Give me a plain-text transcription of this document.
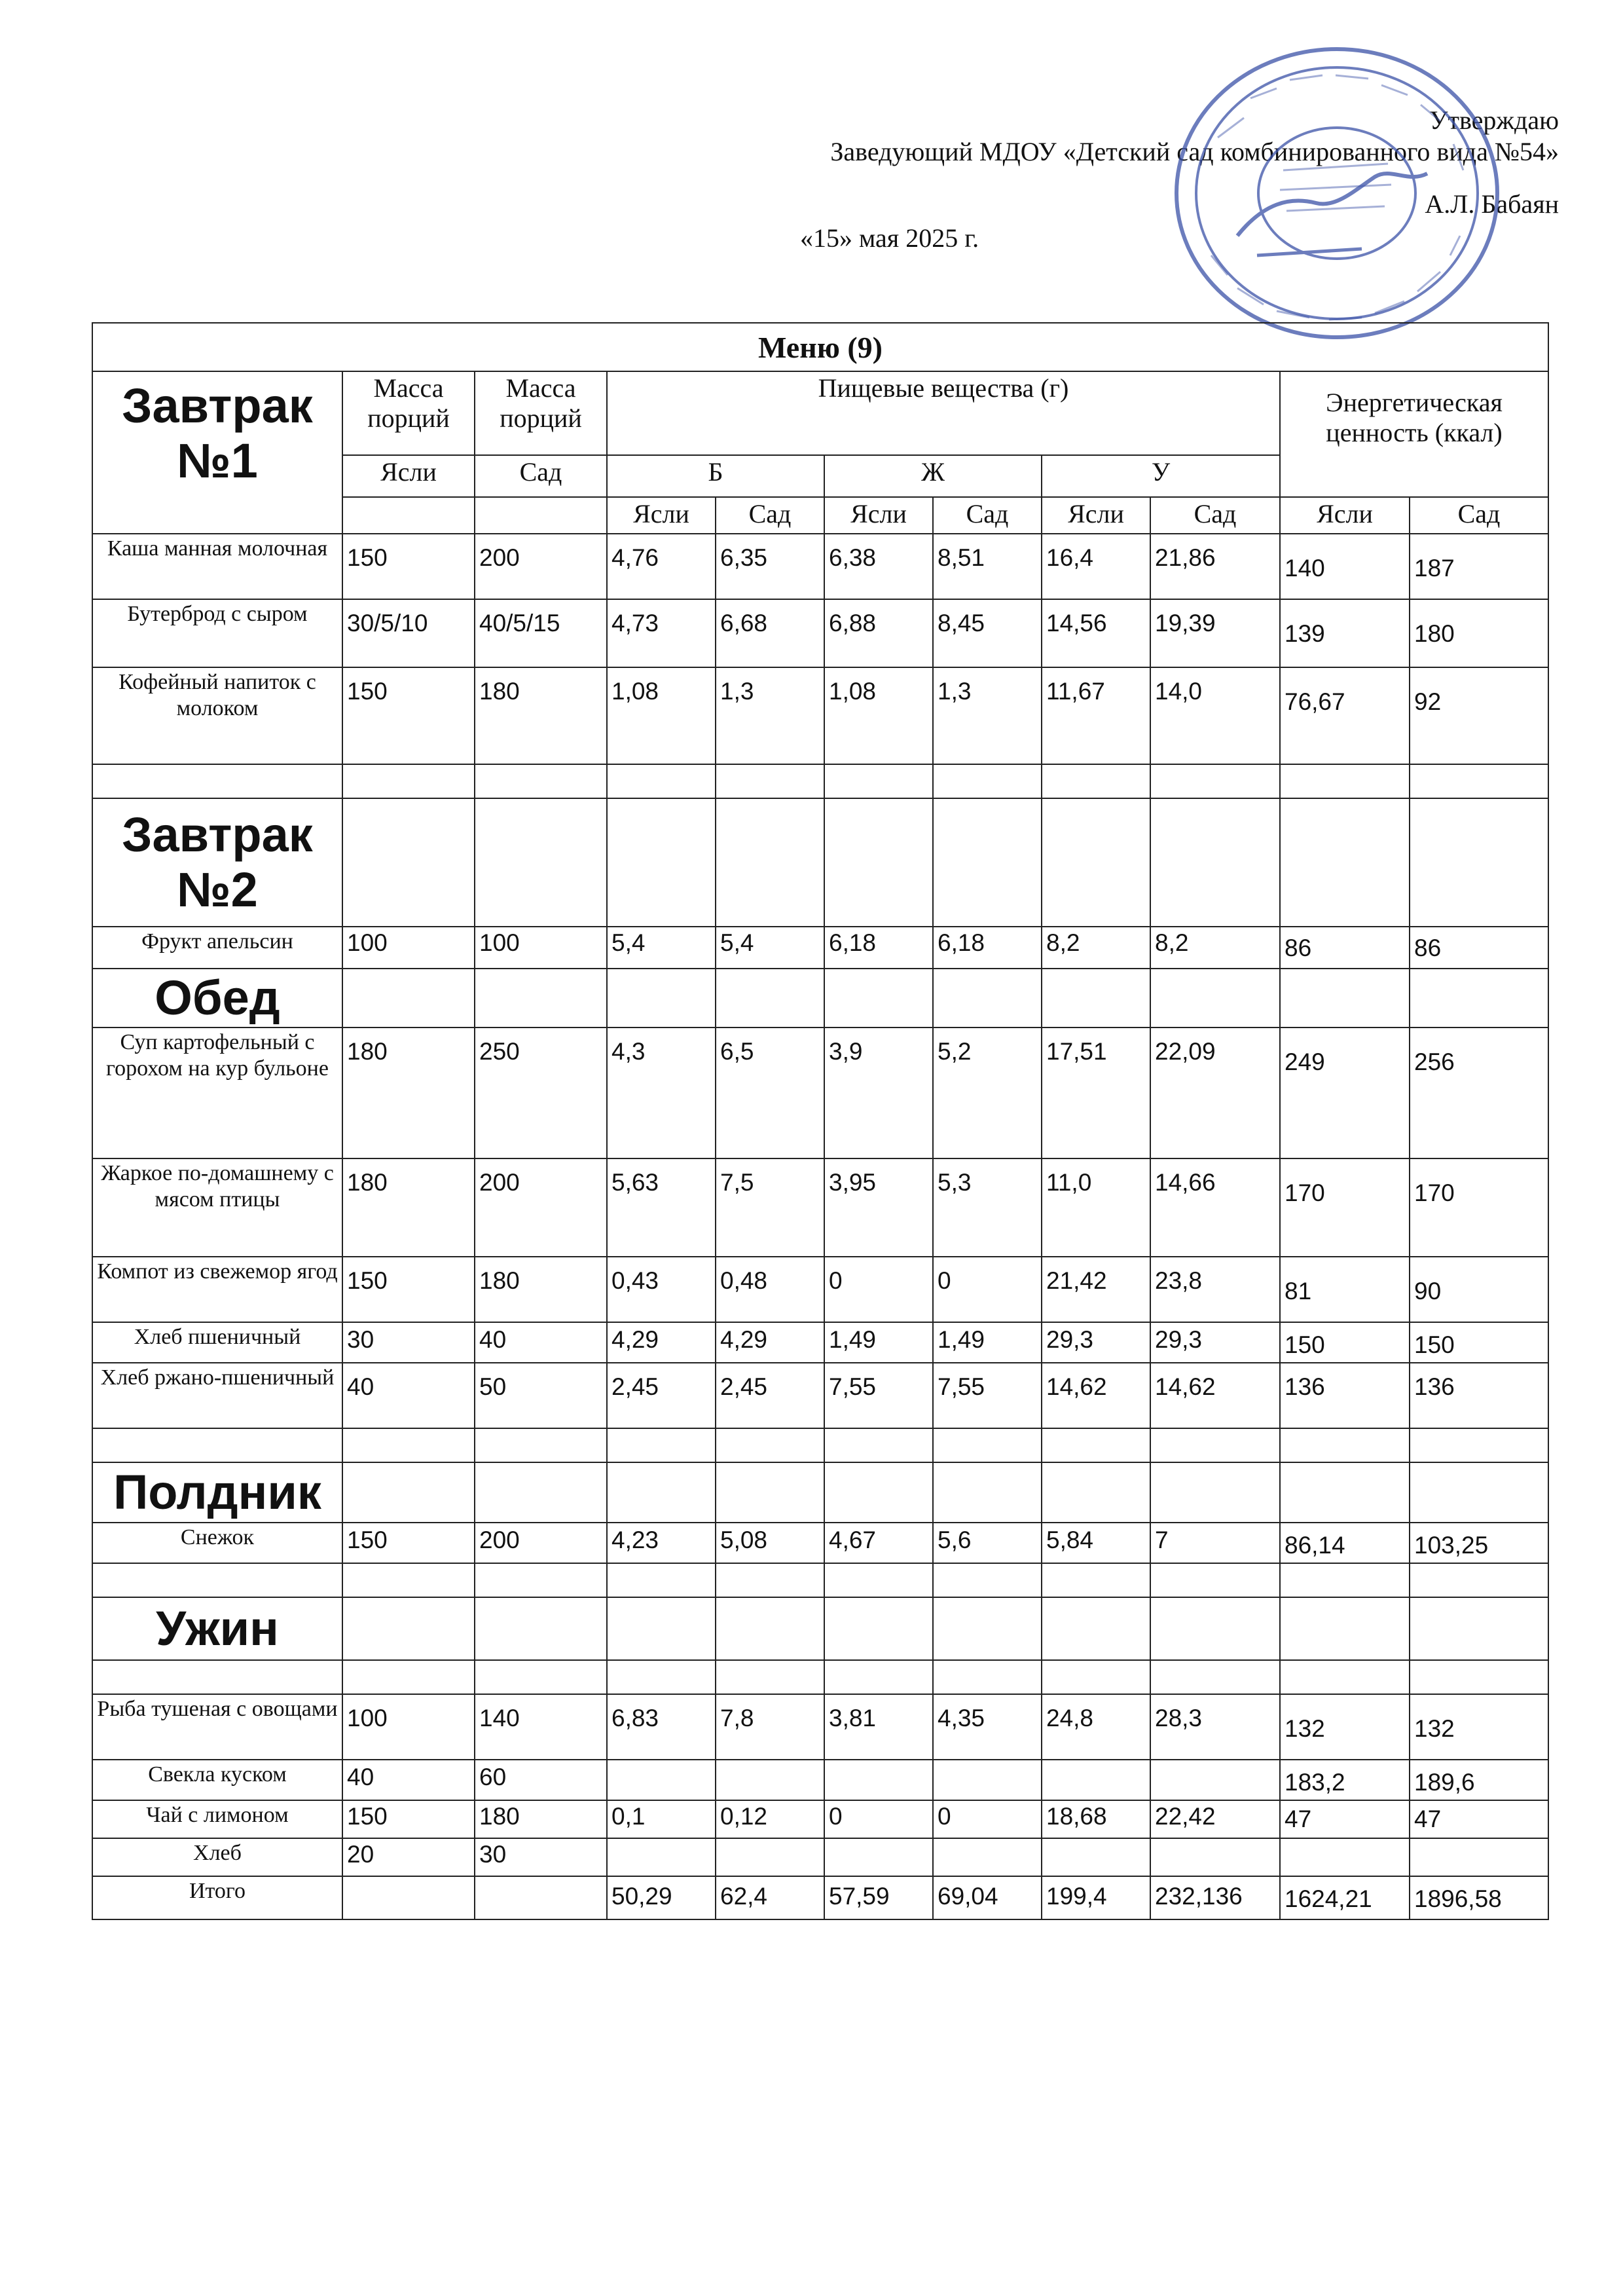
Утверждаю
Заведующий МДОУ «Детский сад комбинированного вида №54»
А.Л. Бабаян
«15» мая 2025 г.
Меню (9)										
Завтрак №1	Масса порций	Масса порций	Пищевые вещества (г)						Энергетическая ценность (ккал)	
	Ясли	Сад	Б		Ж		У			
			Ясли	Сад	Ясли	Сад	Ясли	Сад	Ясли	Сад
Каша манная молочная	150	200	4,76	6,35	6,38	8,51	16,4	21,86	140	187
Бутерброд с сыром	30/5/10	40/5/15	4,73	6,68	6,88	8,45	14,56	19,39	139	180
Кофейный напиток с молоком	150	180	1,08	1,3	1,08	1,3	11,67	14,0	76,67	92

Завтрак №2										
Фрукт апельсин	100	100	5,4	5,4	6,18	6,18	8,2	8,2	86	86
Обед										
Суп картофельный с горохом на кур бульоне	180	250	4,3	6,5	3,9	5,2	17,51	22,09	249	256
Жаркое по-домашнему с мясом птицы	180	200	5,63	7,5	3,95	5,3	11,0	14,66	170	170
Компот из свежемор ягод	150	180	0,43	0,48	0	0	21,42	23,8	81	90
Хлеб пшеничный	30	40	4,29	4,29	1,49	1,49	29,3	29,3	150	150
Хлеб ржано-пшеничный	40	50	2,45	2,45	7,55	7,55	14,62	14,62	136	136

Полдник										
Снежок	150	200	4,23	5,08	4,67	5,6	5,84	7	86,14	103,25

Ужин										

Рыба тушеная с овощами	100	140	6,83	7,8	3,81	4,35	24,8	28,3	132	132
Свекла куском	40	60							183,2	189,6
Чай с лимоном	150	180	0,1	0,12	0	0	18,68	22,42	47	47
Хлеб	20	30								
Итого			50,29	62,4	57,59	69,04	199,4	232,136	1624,21	1896,58
